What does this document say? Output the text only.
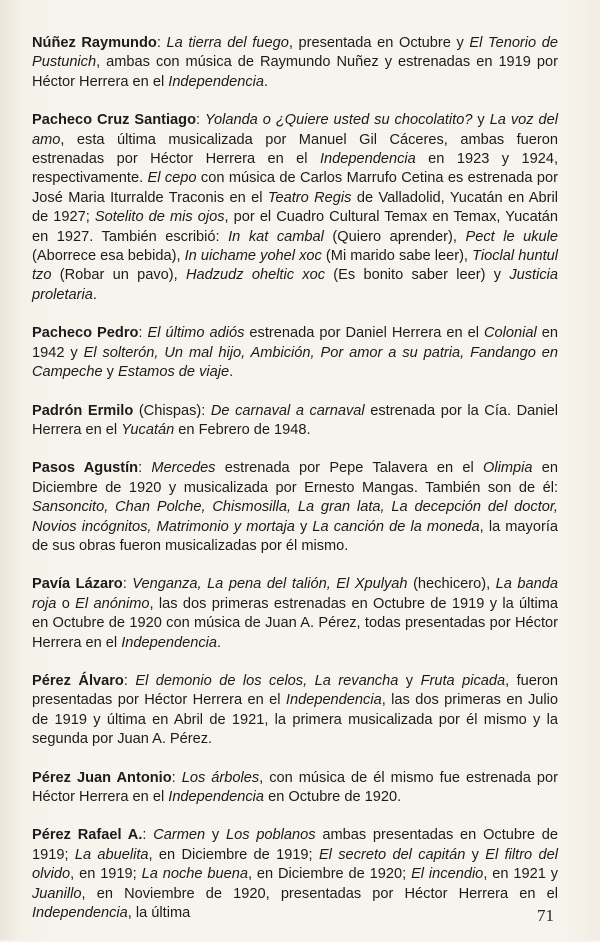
Núñez Raymundo: La tierra del fuego, presentada en Octubre y El Tenorio de Pustunich, ambas con música de Raymundo Nuñez y estrenadas en 1919 por Héctor Herrera en el Independencia.

Pacheco Cruz Santiago: Yolanda o ¿Quiere usted su chocolatito? y La voz del amo, esta última musicalizada por Manuel Gil Cáceres, ambas fueron estrenadas por Héctor Herrera en el Independencia en 1923 y 1924, respectivamente. El cepo con música de Carlos Marrufo Cetina es estrenada por José Maria Iturralde Traconis en el Teatro Regis de Valladolid, Yucatán en Abril de 1927; Sotelito de mis ojos, por el Cuadro Cultural Temax en Temax, Yucatán en 1927. También escribió: In kat cambal (Quiero aprender), Pect le ukule (Aborrece esa bebida), In uichame yohel xoc (Mi marido sabe leer), Tioclal huntul tzo (Robar un pavo), Hadzudz oheltic xoc (Es bonito saber leer) y Justicia proletaria.

Pacheco Pedro: El último adiós estrenada por Daniel Herrera en el Colonial en 1942 y El solterón, Un mal hijo, Ambición, Por amor a su patria, Fandango en Campeche y Estamos de viaje.

Padrón Ermilo (Chispas): De carnaval a carnaval estrenada por la Cía. Daniel Herrera en el Yucatán en Febrero de 1948.

Pasos Agustín: Mercedes estrenada por Pepe Talavera en el Olimpia en Diciembre de 1920 y musicalizada por Ernesto Mangas. También son de él: Sansoncito, Chan Polche, Chismosilla, La gran lata, La decepción del doctor, Novios incógnitos, Matrimonio y mortaja y La canción de la moneda, la mayoría de sus obras fueron musicalizadas por él mismo.

Pavía Lázaro: Venganza, La pena del talión, El Xpulyah (hechicero), La banda roja o El anónimo, las dos primeras estrenadas en Octubre de 1919 y la última en Octubre de 1920 con música de Juan A. Pérez, todas presentadas por Héctor Herrera en el Independencia.

Pérez Álvaro: El demonio de los celos, La revancha y Fruta picada, fueron presentadas por Héctor Herrera en el Independencia, las dos primeras en Julio de 1919 y última en Abril de 1921, la primera musicalizada por él mismo y la segunda por Juan A. Pérez.

Pérez Juan Antonio: Los árboles, con música de él mismo fue estrenada por Héctor Herrera en el Independencia en Octubre de 1920.

Pérez Rafael A.: Carmen y Los poblanos ambas presentadas en Octubre de 1919; La abuelita, en Diciembre de 1919; El secreto del capitán y El filtro del olvido, en 1919; La noche buena, en Diciembre de 1920; El incendio, en 1921 y Juanillo, en Noviembre de 1920, presentadas por Héctor Herrera en el Independencia, la última	71
